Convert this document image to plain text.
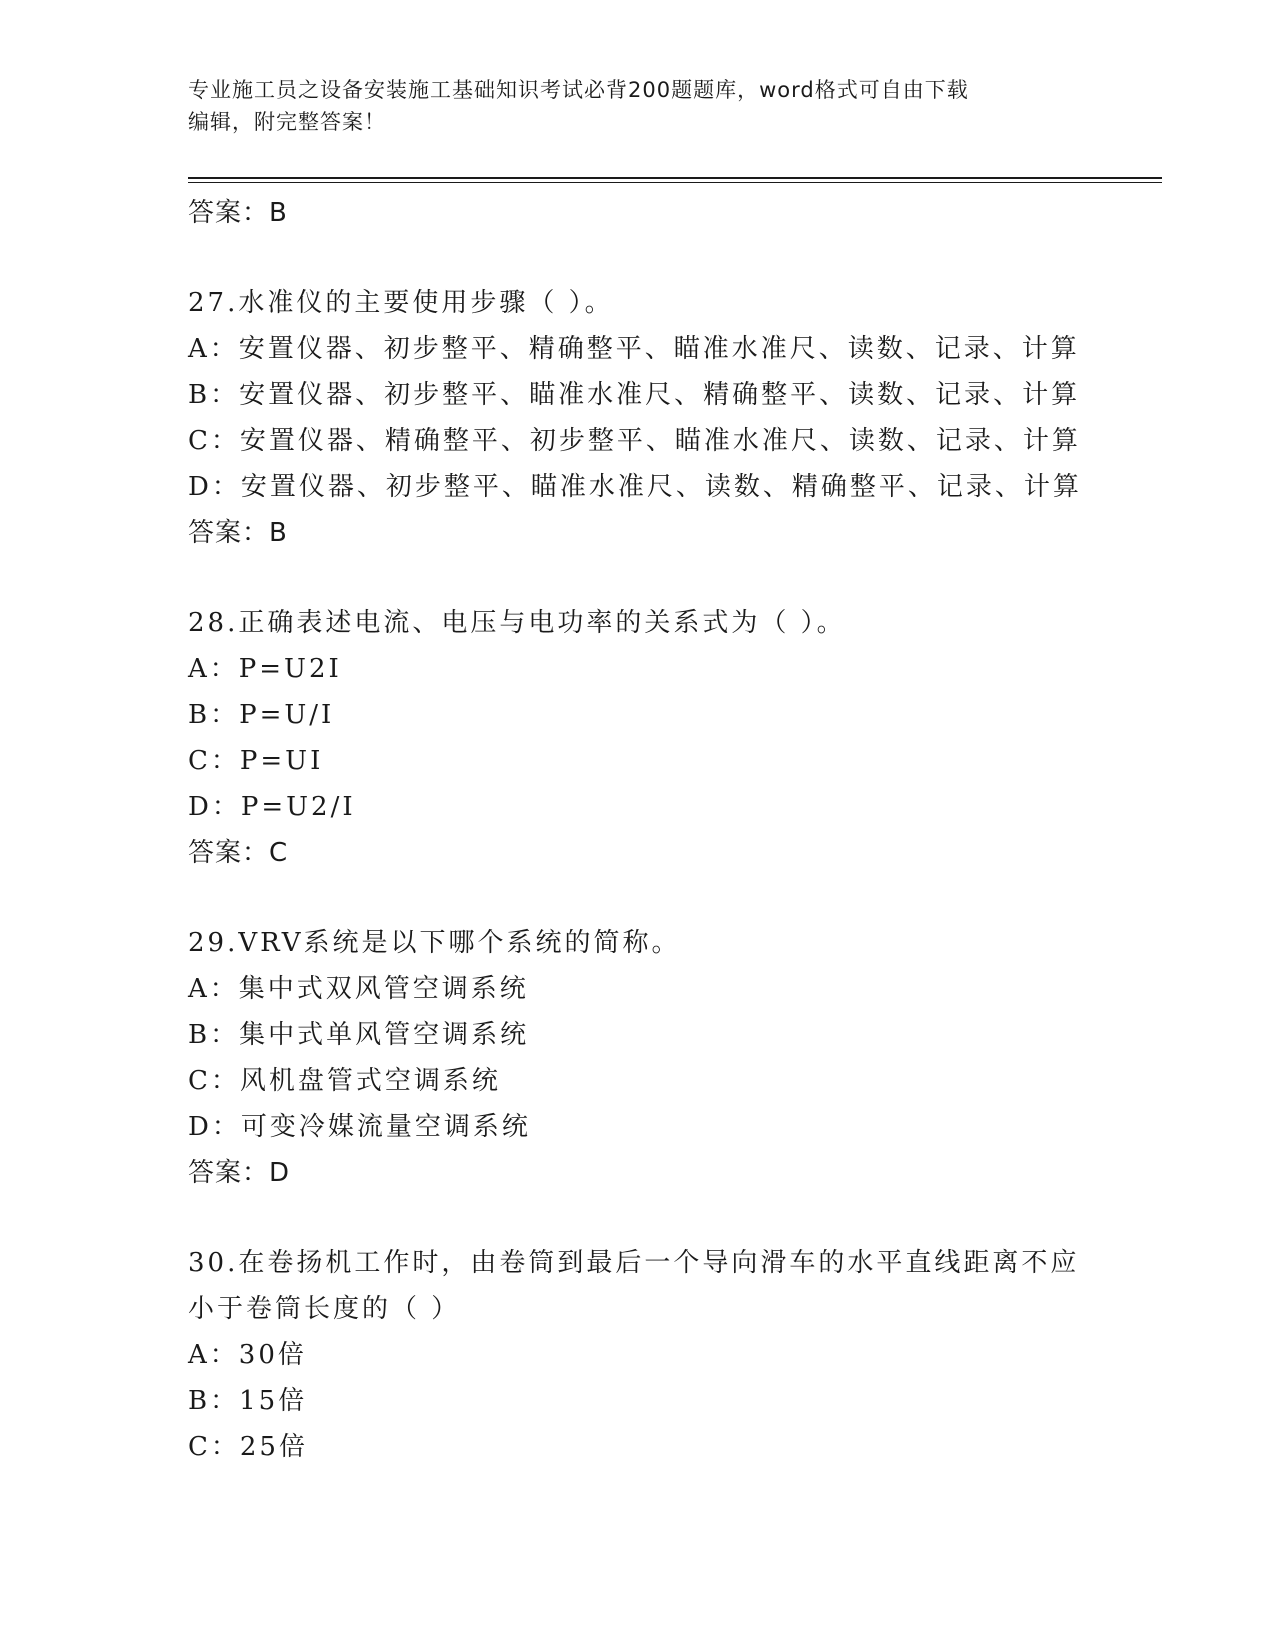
专业施工员之设备安装施工基础知识考试必背200题题库，word格式可自由下载
编辑，附完整答案！
答案：B
27.水准仪的主要使用步骤（ ）。
A：安置仪器、初步整平、精确整平、瞄准水准尺、读数、记录、计算
B：安置仪器、初步整平、瞄准水准尺、精确整平、读数、记录、计算
C：安置仪器、精确整平、初步整平、瞄准水准尺、读数、记录、计算
D：安置仪器、初步整平、瞄准水准尺、读数、精确整平、记录、计算
答案：B
28.正确表述电流、电压与电功率的关系式为（ ）。
A：P=U2I
B：P=U/I
C：P=UI
D：P=U2/I
答案：C
29.VRV系统是以下哪个系统的简称。
A：集中式双风管空调系统
B：集中式单风管空调系统
C：风机盘管式空调系统
D：可变冷媒流量空调系统
答案：D
30.在卷扬机工作时，由卷筒到最后一个导向滑车的水平直线距离不应
小于卷筒长度的（ ）
A：30倍
B：15倍
C：25倍
